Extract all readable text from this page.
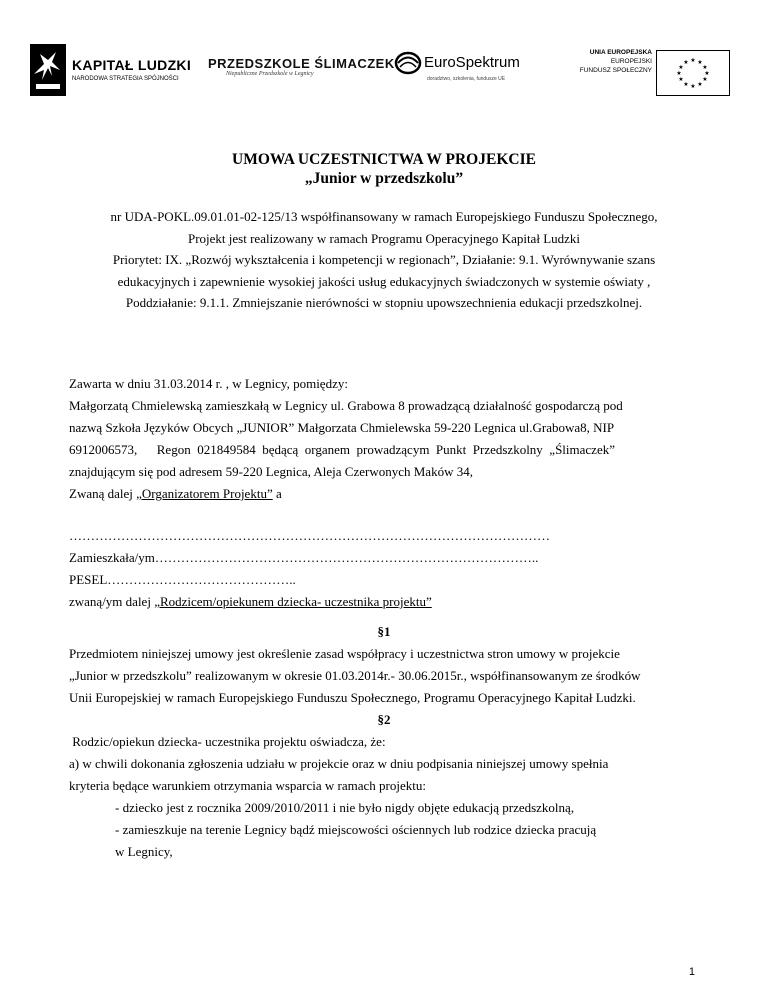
KAPITAŁ LUDZKI
NARODOWA STRATEGIA SPÓJNOŚCI
PRZEDSZKOLE ŚLIMACZEK
Niepubliczne Przedszkole w Legnicy
EuroSpektrum
doradztwo, szkolenia, fundusze UE
UNIA EUROPEJSKA
EUROPEJSKI
FUNDUSZ SPOŁECZNY
★ ★
★
★
★
★
★
★
★
★
★
★
UMOWA UCZESTNICTWA W PROJEKCIE
„Junior w przedszkolu”
nr UDA-POKL.09.01.01-02-125/13 współfinansowany w ramach Europejskiego Funduszu Społecznego,
Projekt jest realizowany w ramach Programu Operacyjnego Kapitał Ludzki
Priorytet: IX. „Rozwój wykształcenia i kompetencji w regionach”, Działanie: 9.1. Wyrównywanie szans
edukacyjnych i zapewnienie wysokiej jakości usług edukacyjnych świadczonych w systemie oświaty ,
Poddziałanie: 9.1.1. Zmniejszanie nierówności w stopniu upowszechnienia edukacji przedszkolnej.

Zawarta w dniu 31.03.2014 r. , w Legnicy, pomiędzy:

Małgorzatą Chmielewską zamieszkałą w Legnicy ul. Grabowa 8 prowadzącą działalność gospodarczą pod

nazwą Szkoła Języków Obcych „JUNIOR” Małgorzata Chmielewska 59-220 Legnica ul.Grabowa8, NIP

6912006573,      Regon  021849584  będącą  organem  prowadzącym  Punkt  Przedszkolny  „Ślimaczek”

znajdującym się pod adresem 59-220 Legnica, Aleja Czerwonych Maków 34,

Zwaną dalej „Organizatorem Projektu” a

…………………………………………………………………………………………………

Zamieszkała/ym……………………………………………………………………………..

PESEL……………………………………..

zwaną/ym dalej „Rodzicem/opiekunem dziecka- uczestnika projektu”

§1

Przedmiotem niniejszej umowy jest określenie zasad współpracy i uczestnictwa stron umowy w projekcie

„Junior w przedszkolu” realizowanym w okresie 01.03.2014r.- 30.06.2015r., współfinansowanym ze środków

Unii Europejskiej w ramach Europejskiego Funduszu Społecznego, Programu Operacyjnego Kapitał Ludzki.

§2

Rodzic/opiekun dziecka- uczestnika projektu oświadcza, że:

a) w chwili dokonania zgłoszenia udziału w projekcie oraz w dniu podpisania niniejszej umowy spełnia

kryteria będące warunkiem otrzymania wsparcia w ramach projektu:

- dziecko jest z rocznika 2009/2010/2011 i nie było nigdy objęte edukacją przedszkolną,

- zamieszkuje na terenie Legnicy bądź miejscowości ościennych lub rodzice dziecka pracują

w Legnicy,

1
